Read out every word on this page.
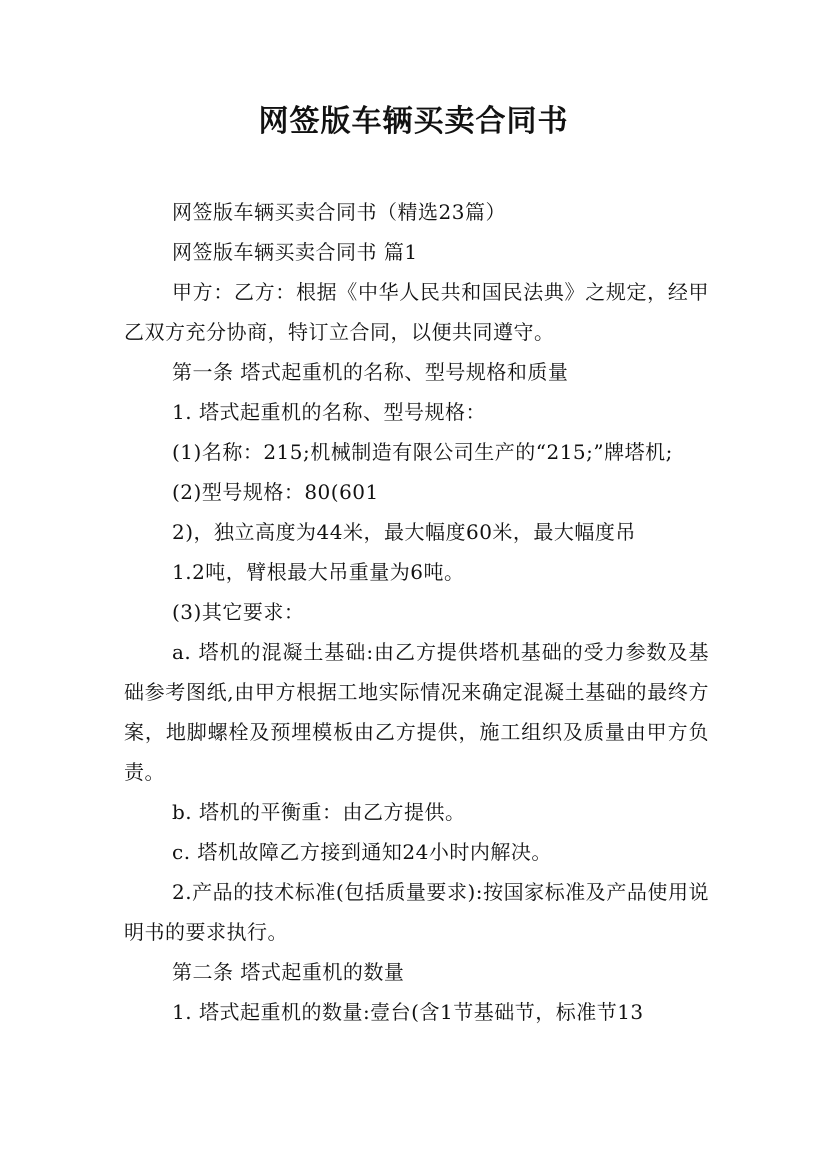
网签版车辆买卖合同书

网签版车辆买卖合同书（精选23篇）

网签版车辆买卖合同书 篇1

甲方：乙方：根据《中华人民共和国民法典》之规定，经甲乙双方充分协商，特订立合同，以便共同遵守。

第一条 塔式起重机的名称、型号规格和质量

1. 塔式起重机的名称、型号规格：

(1)名称：215;机械制造有限公司生产的“215;”牌塔机;

(2)型号规格：80(601

2)，独立高度为44米，最大幅度60米，最大幅度吊

1.2吨，臂根最大吊重量为6吨。

(3)其它要求：

a. 塔机的混凝土基础:由乙方提供塔机基础的受力参数及基础参考图纸,由甲方根据工地实际情况来确定混凝土基础的最终方案，地脚螺栓及预埋模板由乙方提供，施工组织及质量由甲方负责。

b. 塔机的平衡重：由乙方提供。

c. 塔机故障乙方接到通知24小时内解决。

2.产品的技术标准(包括质量要求):按国家标准及产品使用说明书的要求执行。

第二条 塔式起重机的数量

1. 塔式起重机的数量:壹台(含1节基础节，标准节13
